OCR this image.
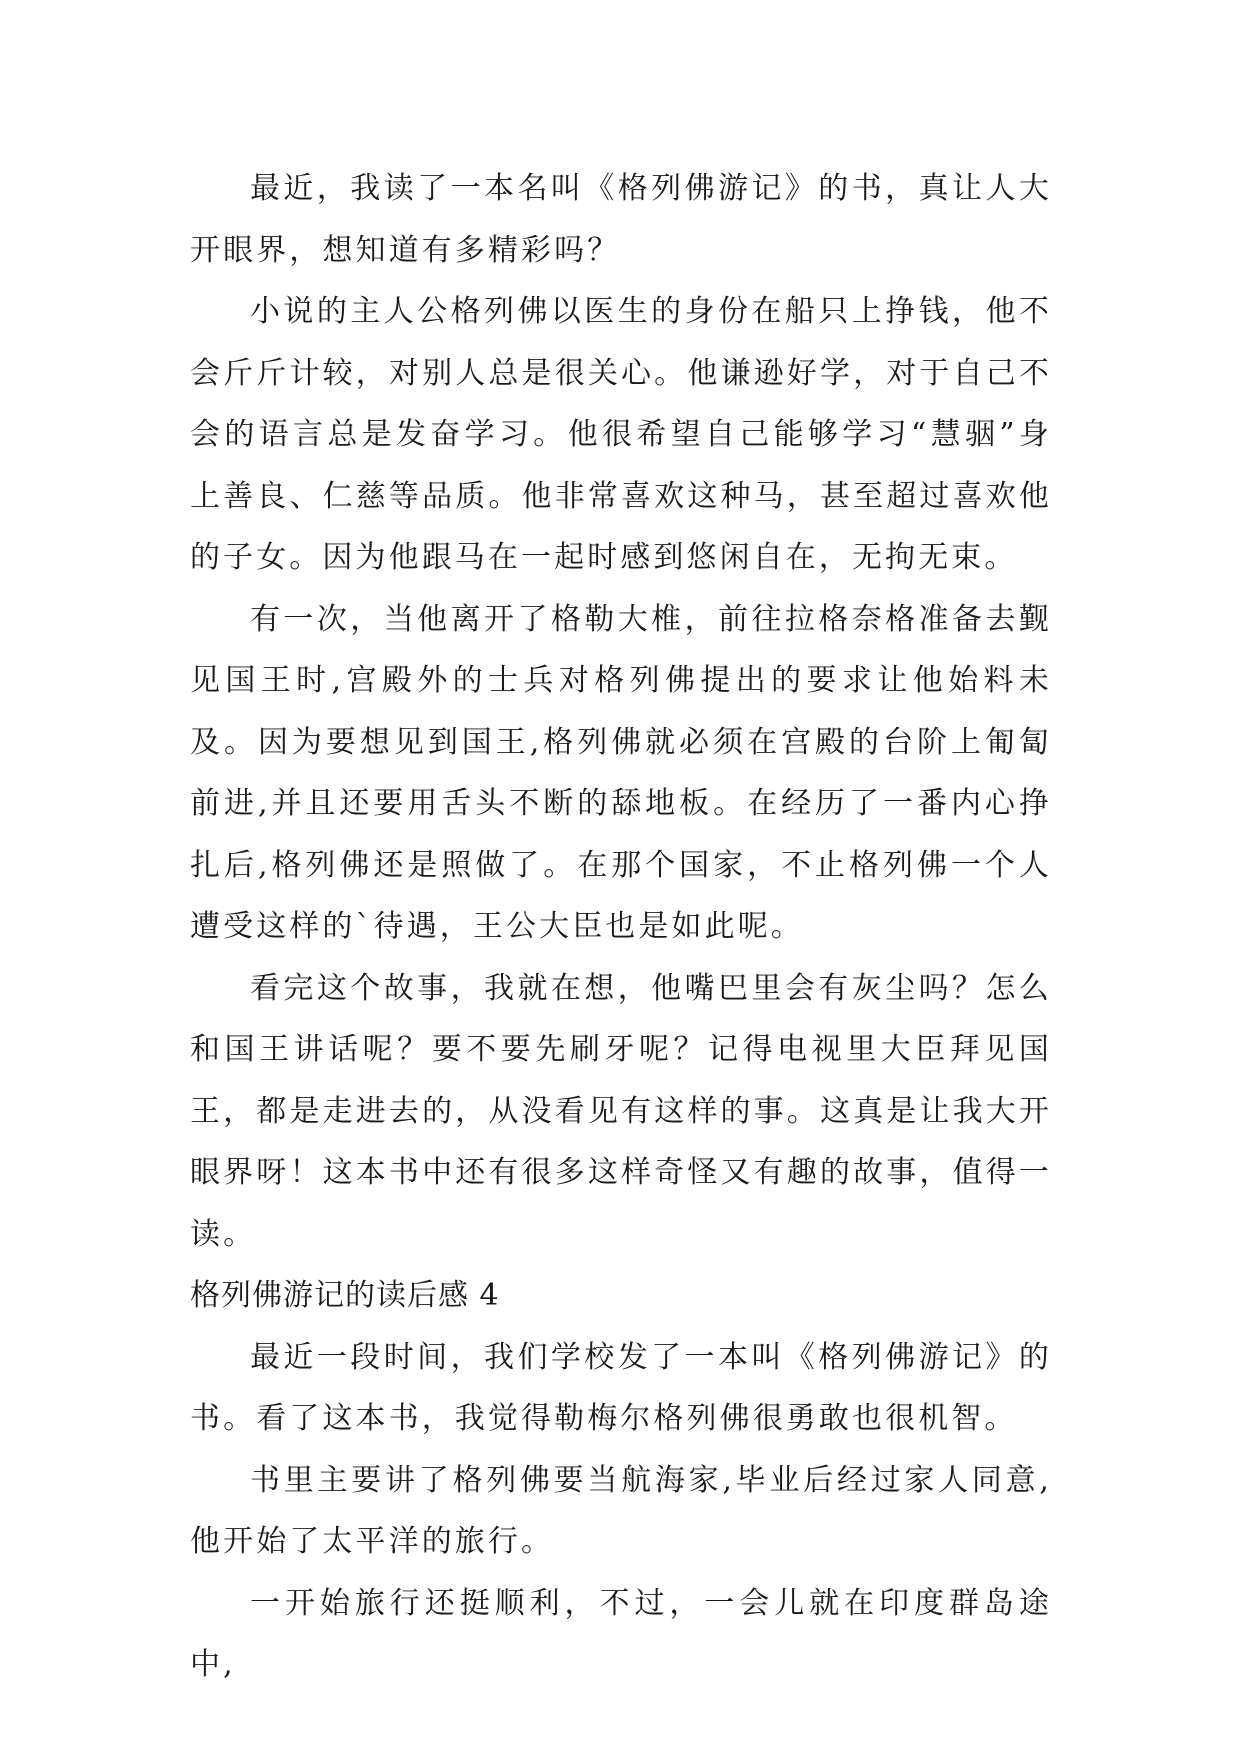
最近，我读了一本名叫《格列佛游记》的书，真让人大开眼界，想知道有多精彩吗？

小说的主人公格列佛以医生的身份在船只上挣钱，他不会斤斤计较，对别人总是很关心。他谦逊好学，对于自己不会的语言总是发奋学习。他很希望自己能够学习“慧骃”身上善良、仁慈等品质。他非常喜欢这种马，甚至超过喜欢他的子女。因为他跟马在一起时感到悠闲自在，无拘无束。

有一次，当他离开了格勒大椎，前往拉格奈格准备去觐见国王时,宫殿外的士兵对格列佛提出的要求让他始料未及。因为要想见到国王,格列佛就必须在宫殿的台阶上匍匐前进,并且还要用舌头不断的舔地板。在经历了一番内心挣扎后,格列佛还是照做了。在那个国家，不止格列佛一个人遭受这样的`待遇，王公大臣也是如此呢。

看完这个故事，我就在想，他嘴巴里会有灰尘吗？怎么和国王讲话呢？要不要先刷牙呢？记得电视里大臣拜见国王，都是走进去的，从没看见有这样的事。这真是让我大开眼界呀！这本书中还有很多这样奇怪又有趣的故事，值得一读。

格列佛游记的读后感 4

最近一段时间，我们学校发了一本叫《格列佛游记》的书。看了这本书，我觉得勒梅尔格列佛很勇敢也很机智。

书里主要讲了格列佛要当航海家,毕业后经过家人同意,他开始了太平洋的旅行。

一开始旅行还挺顺利，不过，一会儿就在印度群岛途中,
